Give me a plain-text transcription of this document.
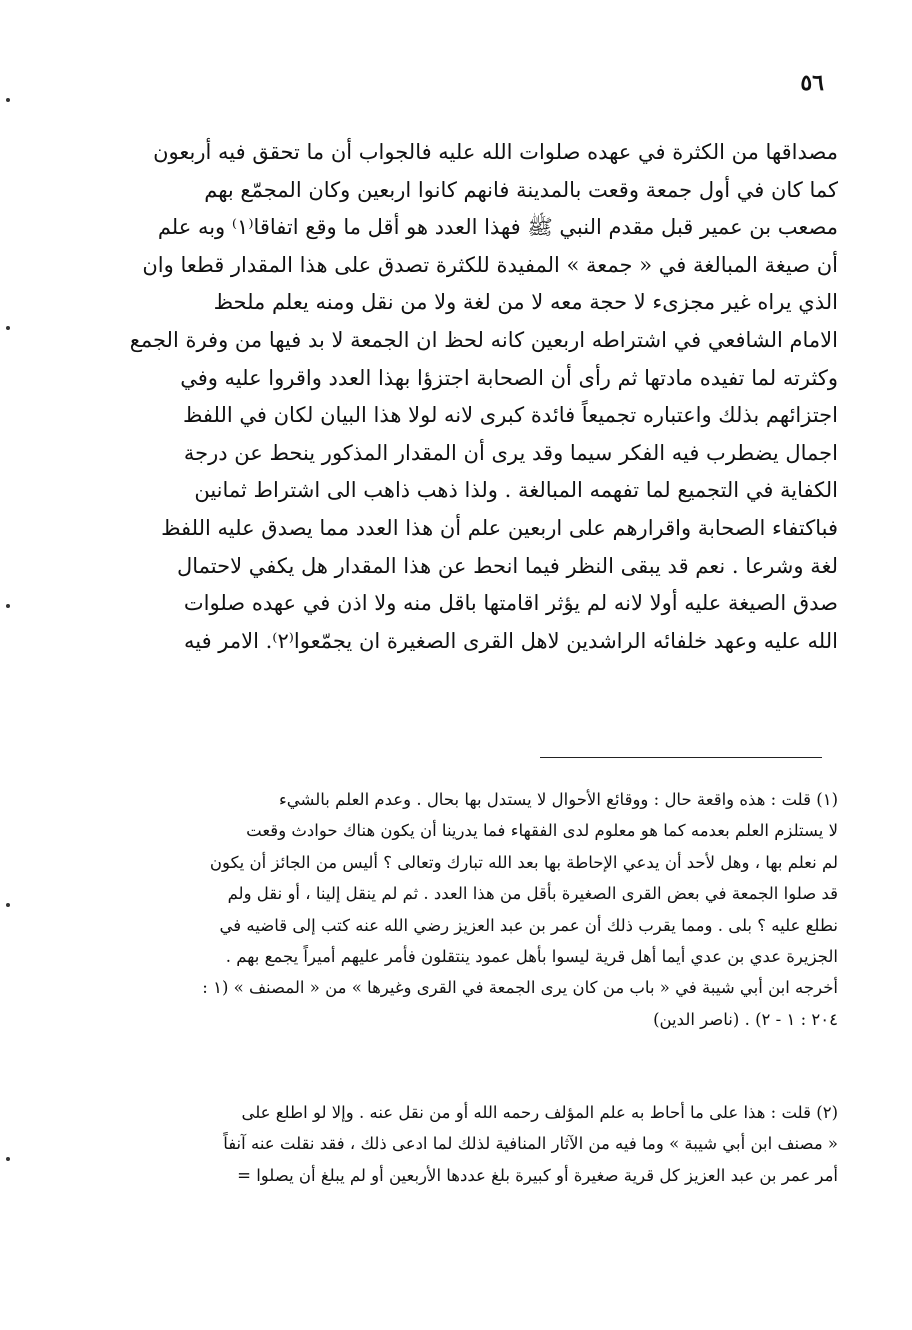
٥٦
مصداقها من الكثرة في عهده صلوات الله عليه فالجواب أن ما تحقق فيه أربعون
كما كان في أول جمعة وقعت بالمدينة فانهم كانوا اربعين وكان المجمّع بهم
مصعب بن عمير قبل مقدم النبي ﷺ فهذا العدد هو أقل ما وقع اتفاقا⁽١⁾ وبه علم
أن صيغة المبالغة في « جمعة » المفيدة للكثرة تصدق على هذا المقدار قطعا وان
الذي يراه غير مجزىء لا حجة معه لا من لغة ولا من نقل ومنه يعلم ملحظ
الامام الشافعي في اشتراطه اربعين كانه لحظ ان الجمعة لا بد فيها من وفرة الجمع
وكثرته لما تفيده مادتها ثم رأى أن الصحابة اجتزؤا بهذا العدد واقروا عليه وفي
اجتزائهم بذلك واعتباره تجميعاً فائدة كبرى لانه لولا هذا البيان لكان في اللفظ
اجمال يضطرب فيه الفكر سيما وقد يرى أن المقدار المذكور ينحط عن درجة
الكفاية في التجميع لما تفهمه المبالغة . ولذا ذهب ذاهب الى اشتراط ثمانين
فباكتفاء الصحابة واقرارهم على اربعين علم أن هذا العدد مما يصدق عليه اللفظ
لغة وشرعا . نعم قد يبقى النظر فيما انحط عن هذا المقدار هل يكفي لاحتمال
صدق الصيغة عليه أولا لانه لم يؤثر اقامتها باقل منه ولا اذن في عهده صلوات
الله عليه وعهد خلفائه الراشدين لاهل القرى الصغيرة ان يجمّعوا⁽٢⁾. الامر فيه
(١) قلت : هذه واقعة حال : ووقائع الأحوال لا يستدل بها بحال . وعدم العلم بالشيء
لا يستلزم العلم بعدمه كما هو معلوم لدى الفقهاء فما يدرينا أن يكون هناك حوادث وقعت
لم نعلم بها ، وهل لأحد أن يدعي الإحاطة بها بعد الله تبارك وتعالى ؟ أليس من الجائز أن يكون
قد صلوا الجمعة في بعض القرى الصغيرة بأقل من هذا العدد . ثم لم ينقل إلينا ، أو نقل ولم
نطلع عليه ؟ بلى . ومما يقرب ذلك أن عمر بن عبد العزيز رضي الله عنه كتب إلى قاضيه في
الجزيرة عدي بن عدي أيما أهل قرية ليسوا بأهل عمود ينتقلون فأمر عليهم أميراً يجمع بهم .
أخرجه ابن أبي شيبة في « باب من كان يرى الجمعة في القرى وغيرها » من « المصنف » (١ :
٢٠٤ : ١ - ٢) . (ناصر الدين)
(٢) قلت : هذا على ما أحاط به علم المؤلف رحمه الله أو من نقل عنه . وإلا لو اطلع على
« مصنف ابن أبي شيبة » وما فيه من الآثار المنافية لذلك لما ادعى ذلك ، فقد نقلت عنه آنفاً
أمر عمر بن عبد العزيز كل قرية صغيرة أو كبيرة بلغ عددها الأربعين أو لم يبلغ أن يصلوا =
